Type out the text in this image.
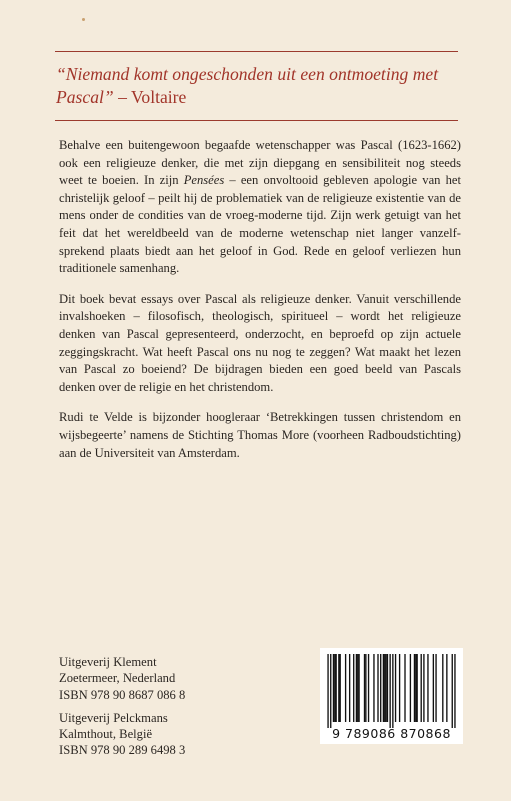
“Niemand komt ongeschonden uit een ontmoeting met Pascal” – Voltaire

Behalve een buitengewoon begaafde wetenschapper was Pascal (1623-1662) ook een religieuze denker, die met zijn diepgang en sensibiliteit nog steeds weet te boeien. In zijn Pensées – een onvoltooid gebleven apologie van het christelijk geloof – peilt hij de problematiek van de religieuze existentie van de mens onder de condities van de vroeg-moderne tijd. Zijn werk getuigt van het feit dat het wereldbeeld van de moderne wetenschap niet langer vanzelfsprekend plaats biedt aan het geloof in God. Rede en geloof verliezen hun traditionele samenhang.

Dit boek bevat essays over Pascal als religieuze denker. Vanuit verschillende invalshoeken – filosofisch, theologisch, spiritueel – wordt het religieuze denken van Pascal gepresenteerd, onderzocht, en beproefd op zijn actuele zeggingskracht. Wat heeft Pascal ons nu nog te zeggen? Wat maakt het lezen van Pascal zo boeiend? De bijdragen bieden een goed beeld van Pascals denken over de religie en het christendom.

Rudi te Velde is bijzonder hoogleraar ‘Betrekkingen tussen christendom en wijsbegeerte’ namens de Stichting Thomas More (voorheen Radboudstichting) aan de Universiteit van Amsterdam.

Uitgeverij Klement
Zoetermeer, Nederland
ISBN 978 90 8687 086 8
Uitgeverij Pelckmans
Kalmthout, België
ISBN 978 90 289 6498 3
9 789086 870868
